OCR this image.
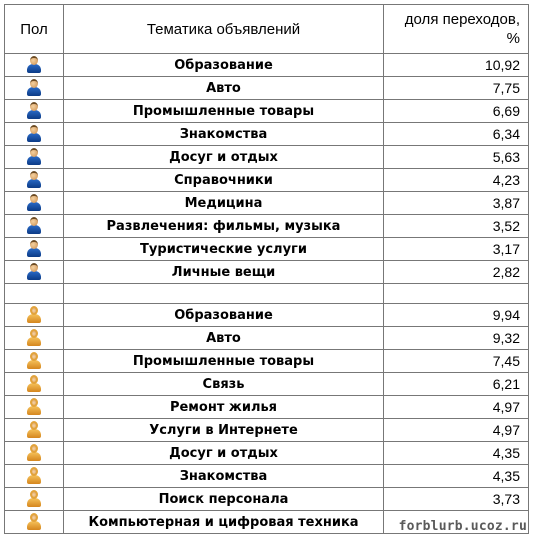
Пол	Тематика объявлений	доля переходов,
%

	Образование	10,92

	Авто	7,75

	Промышленные товары	6,69

	Знакомства	6,34

	Досуг и отдых	5,63

	Справочники	4,23

	Медицина	3,87

	Развлечения: фильмы, музыка	3,52

	Туристические услуги	3,17

	Личные вещи	2,82

	Образование	9,94

	Авто	9,32

	Промышленные товары	7,45

	Связь	6,21

	Ремонт жилья	4,97

	Услуги в Интернете	4,97

	Досуг и отдых	4,35

	Знакомства	4,35

	Поиск персонала	3,73

	Компьютерная и цифровая техника		forblurb.ucoz.ru
